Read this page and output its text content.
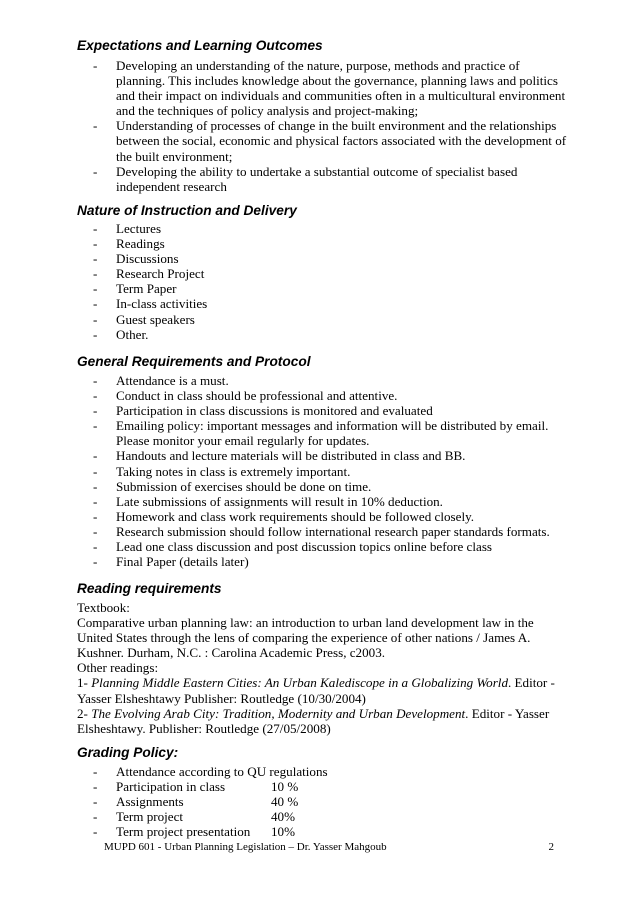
Expectations and Learning Outcomes
- Developing an understanding of the nature, purpose, methods and practice of planning. This includes knowledge about the governance, planning laws and politics and their impact on individuals and communities often in a multicultural environment and the techniques of policy analysis and project-making;
- Understanding of processes of change in the built environment and the relationships between the social, economic and physical factors associated with the development of the built environment;
- Developing the ability to undertake a substantial outcome of specialist based independent research
Nature of Instruction and Delivery
- Lectures
- Readings
- Discussions
- Research Project
- Term Paper
- In-class activities
- Guest speakers
- Other.
General Requirements and Protocol
- Attendance is a must.
- Conduct in class should be professional and attentive.
- Participation in class discussions is monitored and evaluated
- Emailing policy: important messages and information will be distributed by email. Please monitor your email regularly for updates.
- Handouts and lecture materials will be distributed in class and BB.
- Taking notes in class is extremely important.
- Submission of exercises should be done on time.
- Late submissions of assignments will result in 10% deduction.
- Homework and class work requirements should be followed closely.
- Research submission should follow international research paper standards formats.
- Lead one class discussion and post discussion topics online before class
- Final Paper (details later)
Reading requirements
Textbook:
Comparative urban planning law: an introduction to urban land development law in the United States through the lens of comparing the experience of other nations / James A. Kushner. Durham, N.C. : Carolina Academic Press, c2003.
Other readings:
1- Planning Middle Eastern Cities: An Urban Kalediscope in a Globalizing World. Editor - Yasser Elsheshtawy Publisher: Routledge (10/30/2004)
2- The Evolving Arab City: Tradition, Modernity and Urban Development. Editor - Yasser Elsheshtawy. Publisher: Routledge (27/05/2008)
Grading Policy:
- Attendance according to QU regulations
- Participation in class	10 %
- Assignments	40 %
- Term project	40%
- Term project presentation	10%
MUPD 601 - Urban Planning Legislation – Dr. Yasser Mahgoub	2
